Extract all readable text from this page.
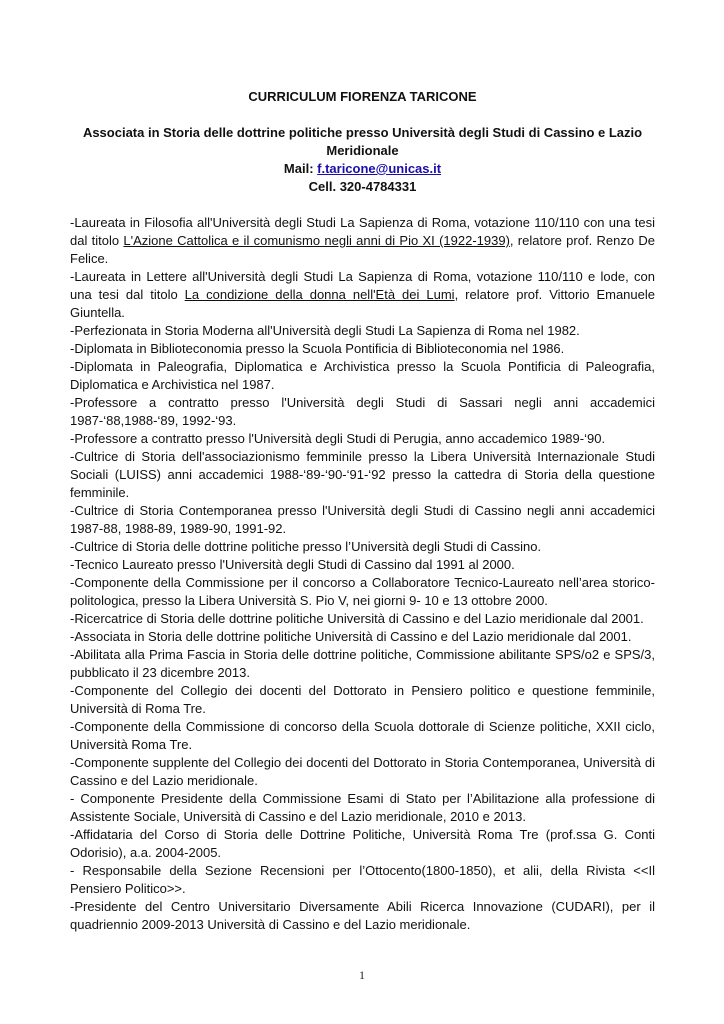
CURRICULUM FIORENZA TARICONE
Associata in Storia delle dottrine politiche presso Università degli Studi di Cassino e Lazio
Meridionale
Mail: f.taricone@unicas.it
Cell. 320-4784331

-Laureata in Filosofia all'Università degli Studi La Sapienza di Roma, votazione 110/110 con una tesi dal titolo L'Azione Cattolica e il comunismo negli anni di Pio XI (1922-1939), relatore prof. Renzo De Felice.

-Laureata in Lettere all'Università degli Studi La Sapienza di Roma, votazione 110/110 e lode, con una tesi dal titolo La condizione della donna nell'Età dei Lumi, relatore prof. Vittorio Emanuele Giuntella.

-Perfezionata in Storia Moderna all'Università degli Studi La Sapienza di Roma nel 1982.

-Diplomata in Biblioteconomia presso la Scuola Pontificia di Biblioteconomia nel 1986.

-Diplomata in Paleografia, Diplomatica e Archivistica presso la Scuola Pontificia di Paleografia, Diplomatica e Archivistica nel 1987.

-Professore a contratto presso l'Università degli Studi di Sassari negli anni accademici 1987-‘88,1988-‘89, 1992-‘93.

-Professore a contratto presso l'Università degli Studi di Perugia, anno accademico 1989-‘90.

-Cultrice di Storia dell'associazionismo femminile presso la Libera Università Internazionale Studi Sociali (LUISS) anni accademici 1988-‘89-‘90-‘91-‘92 presso la cattedra di Storia della questione femminile.

-Cultrice di Storia Contemporanea presso l'Università degli Studi di Cassino negli anni accademici 1987-88, 1988-89, 1989-90, 1991-92.

-Cultrice di Storia delle dottrine politiche presso l’Università degli Studi di Cassino.

-Tecnico Laureato presso l'Università degli Studi di Cassino dal 1991 al 2000.

-Componente della Commissione per il concorso a Collaboratore Tecnico-Laureato nell’area storico-politologica, presso la Libera Università S. Pio V, nei giorni 9- 10 e 13 ottobre 2000.

-Ricercatrice di Storia delle dottrine politiche Università di Cassino e del Lazio meridionale dal 2001.

-Associata in Storia delle dottrine politiche Università di Cassino e del Lazio meridionale dal 2001.

-Abilitata alla Prima Fascia in Storia delle dottrine politiche, Commissione abilitante SPS/o2 e SPS/3, pubblicato il 23 dicembre 2013.

-Componente del Collegio dei docenti del Dottorato in Pensiero politico e questione femminile, Università di Roma Tre.

-Componente della Commissione di concorso della Scuola dottorale di Scienze politiche, XXII ciclo, Università Roma Tre.

-Componente supplente del Collegio dei docenti del Dottorato in Storia Contemporanea, Università di Cassino e del Lazio meridionale.

- Componente Presidente della Commissione Esami di Stato per l’Abilitazione alla professione di Assistente Sociale, Università di Cassino e del Lazio meridionale, 2010 e 2013.

-Affidataria del Corso di Storia delle Dottrine Politiche, Università Roma Tre (prof.ssa G. Conti Odorisio), a.a. 2004-2005.

- Responsabile della Sezione Recensioni per l’Ottocento(1800-1850), et alii, della Rivista <<Il Pensiero Politico>>.

-Presidente del Centro Universitario Diversamente Abili Ricerca Innovazione (CUDARI), per il quadriennio 2009-2013 Università di Cassino e del Lazio meridionale.

1
